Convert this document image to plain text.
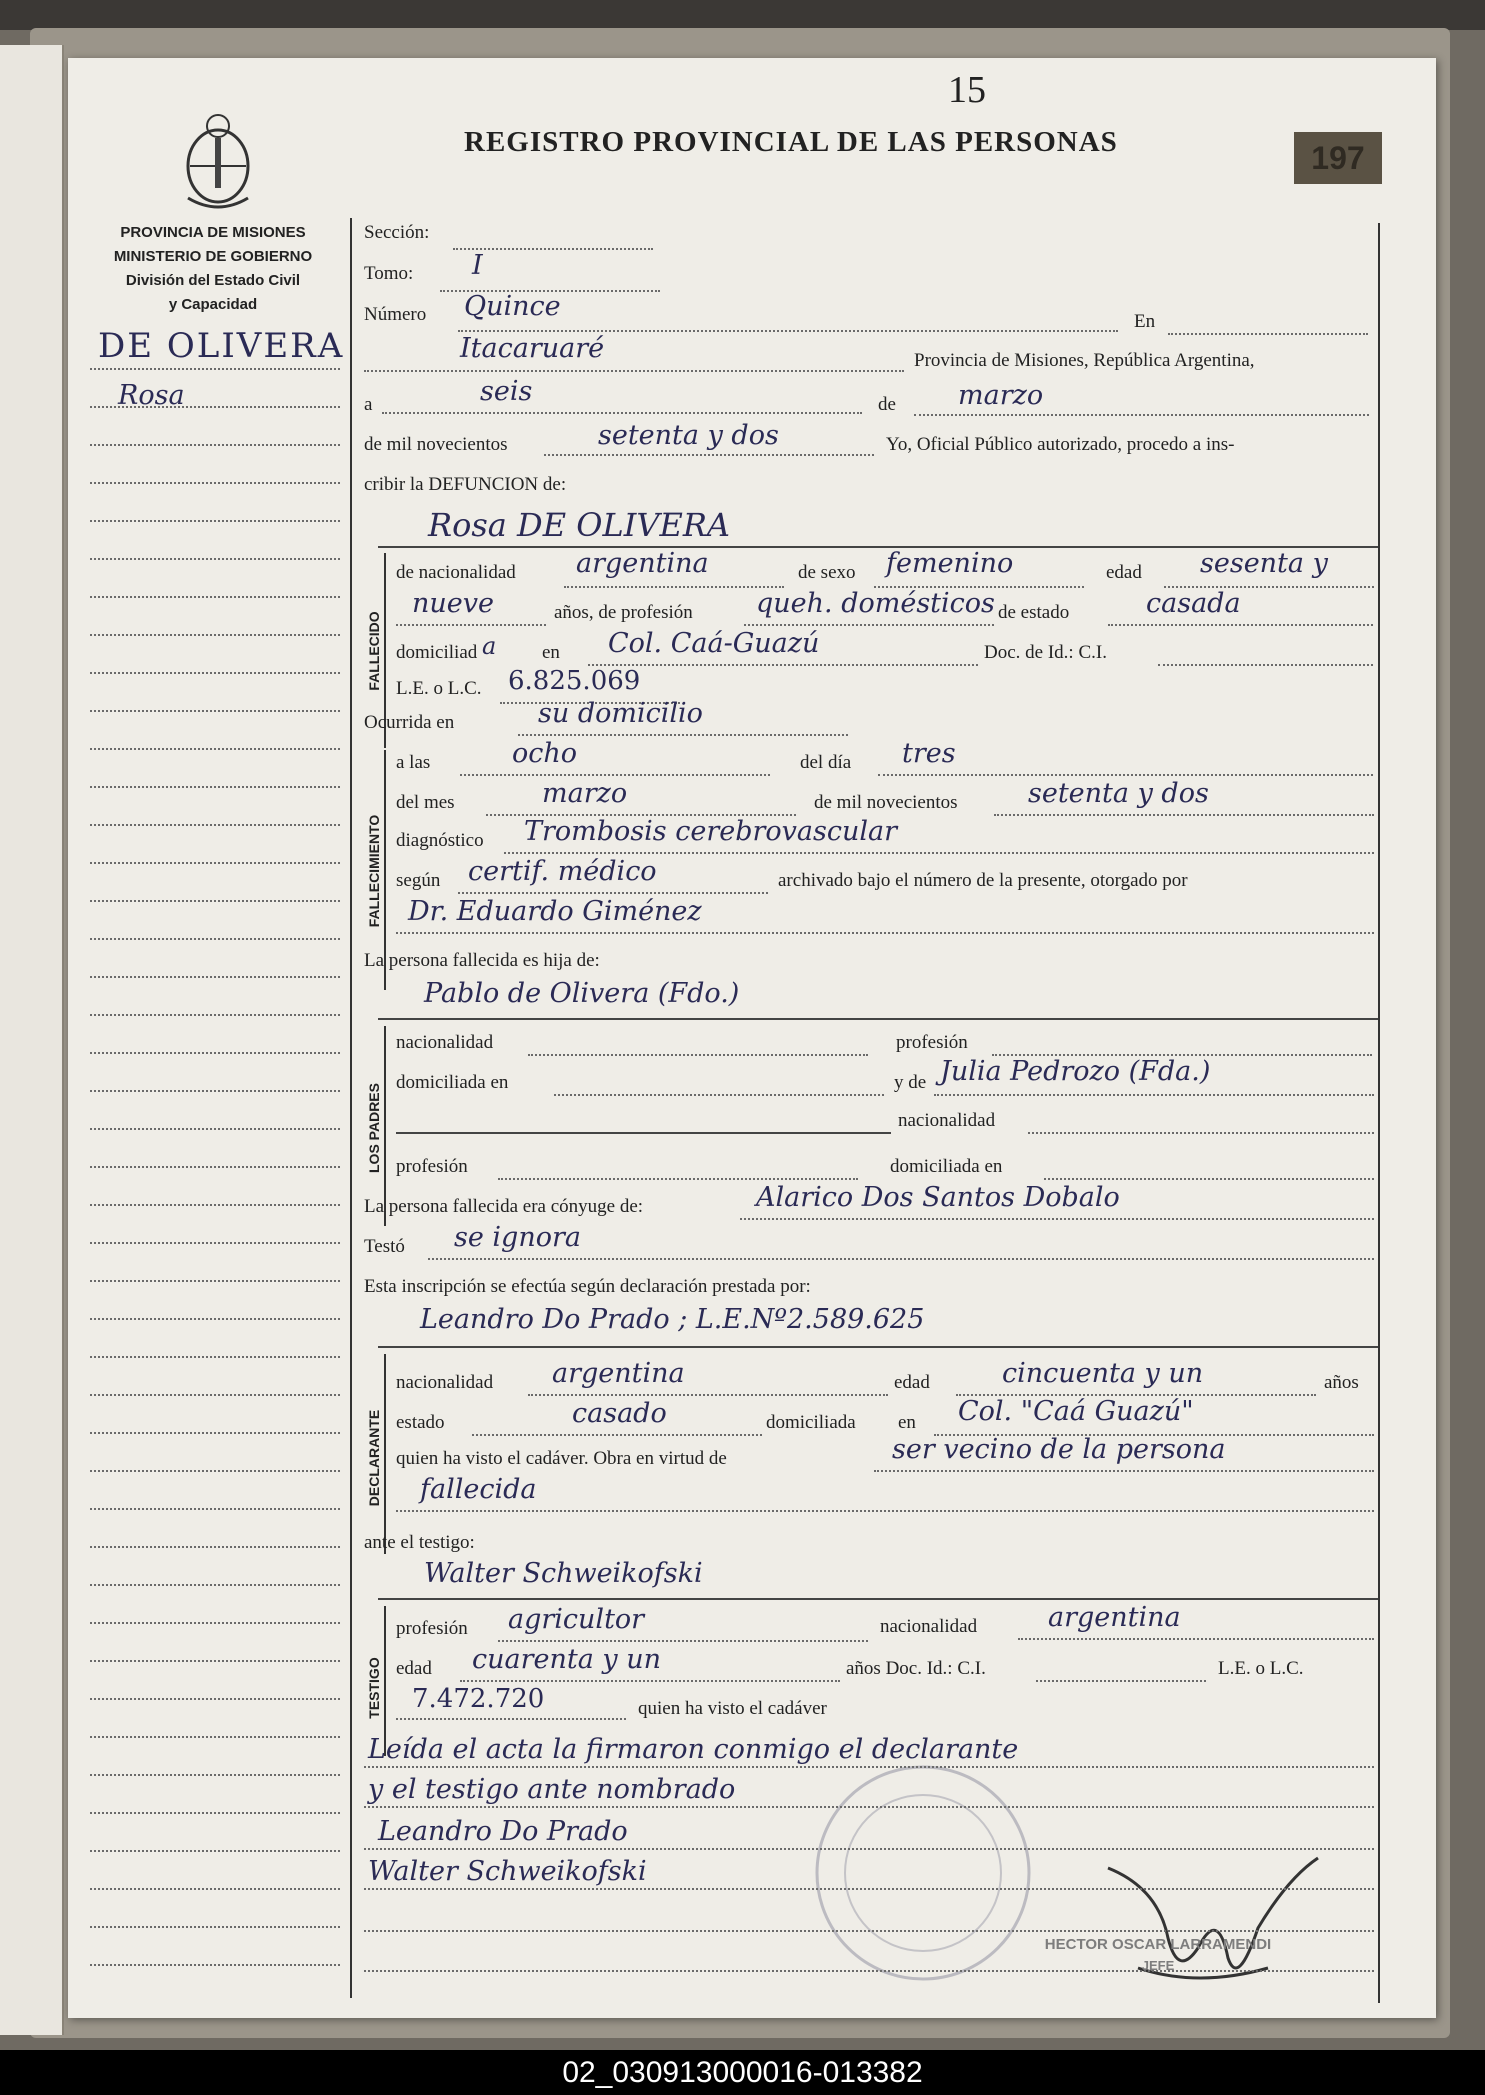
15
197
REGISTRO PROVINCIAL DE LAS PERSONAS
PROVINCIA DE MISIONES
MINISTERIO DE GOBIERNO
División del Estado Civil
y Capacidad
DE OLIVERA
Rosa
Sección:
Tomo: I
Número Quince	En
Itacaruaré	Provincia de Misiones, República Argentina,
a	seis	de marzo
de mil novecientos	setenta y dos	Yo, Oficial Público autorizado, procedo a ins-
cribir la DEFUNCION de:
Rosa DE OLIVERA
FALLECIDO
de nacionalidad argentina	de sexo femenino	edad sesenta y
nueve	años, de profesión queh. domésticos de estado	casada
domiciliad a en Col. Caá-Guazú	Doc. de Id.: C.I.
L.E. o L.C. 6.825.069
Ocurrida en	su domicilio
FALLECIMIENTO
a las	ocho	del día tres
del mes	marzo	de mil novecientos	setenta y dos
diagnóstico Trombosis cerebrovascular
según certif. médico	archivado bajo el número de la presente, otorgado por
Dr. Eduardo Giménez
La persona fallecida es hija de:
Pablo de Olivera (Fdo.)
LOS PADRES
nacionalidad	profesión
domiciliada en	y de Julia Pedrozo (Fda.)
nacionalidad
profesión	domiciliada en
La persona fallecida era cónyuge de:	Alarico Dos Santos Dobalo
Testó se ignora
Esta inscripción se efectúa según declaración prestada por:
Leandro Do Prado ; L.E.Nº2.589.625
DECLARANTE
nacionalidad argentina	edad	cincuenta y un	años
estado	casado	domiciliada en Col. "Caá Guazú"
quien ha visto el cadáver. Obra en virtud de	ser vecino de la persona
fallecida
ante el testigo:
Walter Schweikofski
TESTIGO
profesión agricultor	nacionalidad	argentina
edad cuarenta y un	años Doc. Id.: C.I.	L.E. o L.C.
7.472.720	quien ha visto el cadáver
Leída el acta la firmaron conmigo el declarante
y el testigo ante nombrado
Leandro Do Prado
Walter Schweikofski
HECTOR OSCAR LARRAMENDI
JEFE
02_030913000016-013382
